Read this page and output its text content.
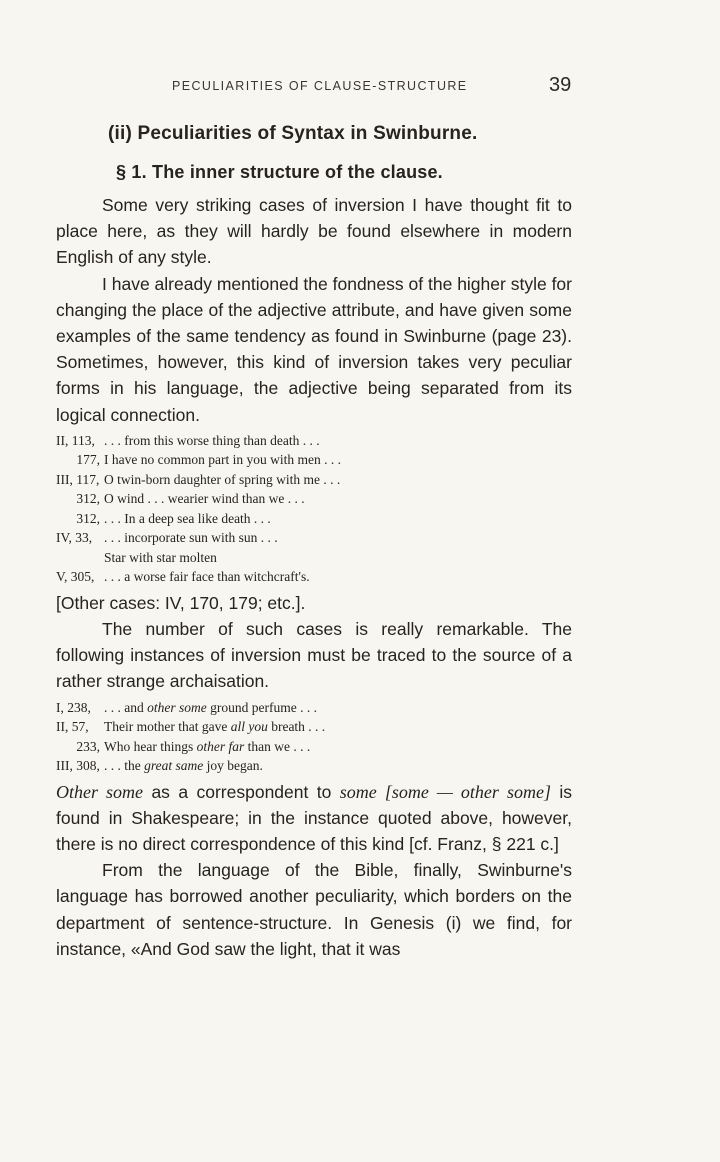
PECULIARITIES OF CLAUSE-STRUCTURE	39
(ii) Peculiarities of Syntax in Swinburne.
§ 1. The inner structure of the clause.

Some very striking cases of inversion I have thought fit to place here, as they will hardly be found elsewhere in modern English of any style.

I have already mentioned the fondness of the higher style for changing the place of the adjective attribute, and have given some examples of the same tendency as found in Swinburne (page 23). Sometimes, however, this kind of inversion takes very peculiar forms in his language, the adjective being separated from its logical connection.

II, 113, . . . from this worse thing than death . . .
177, I have no common part in you with men . . .
III, 117, O twin-born daughter of spring with me . . .
312, O wind . . . wearier wind than we . . .
312, . . . In a deep sea like death . . .
IV, 33, . . . incorporate sun with sun . . .
Star with star molten
V, 305, . . . a worse fair face than witchcraft's.

[Other cases: IV, 170, 179; etc.].

The number of such cases is really remarkable. The following instances of inversion must be traced to the source of a rather strange archaisation.

I, 238, . . . and other some ground perfume . . .
II, 57,	Their mother that gave all you breath . . .
233, Who hear things other far than we . . .
III, 308, . . . the great same joy began.

Other some as a correspondent to some [some — other some] is found in Shakespeare; in the instance quoted above, however, there is no direct correspondence of this kind [cf. Franz, § 221 c.]

From the language of the Bible, finally, Swinburne's language has borrowed another peculiarity, which borders on the department of sentence-structure. In Genesis (i) we find, for instance, «And God saw the light, that it was
